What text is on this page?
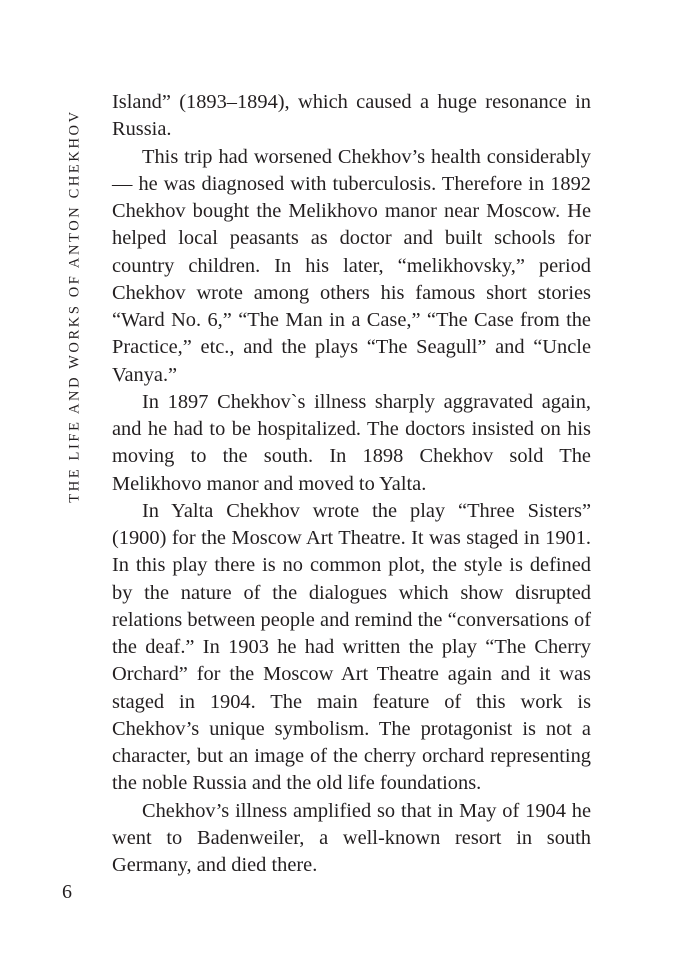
THE LIFE AND WORKS OF ANTON CHEKHOV

Island” (1893–1894), which caused a huge resonance in Russia.

This trip had worsened Chekhov’s health considerably — he was diagnosed with tuberculosis. Therefore in 1892 Chekhov bought the Melikhovo manor near Moscow. He helped local peasants as doctor and built schools for country children. In his later, “melikhovsky,” period Chekhov wrote among others his famous short stories “Ward No. 6,” “The Man in a Case,” “The Case from the Practice,” etc., and the plays “The Seagull” and “Uncle Vanya.”

In 1897 Chekhov`s illness sharply aggravated again, and he had to be hospitalized. The doctors insisted on his moving to the south. In 1898 Chekhov sold The Melikhovo manor and moved to Yalta.

In Yalta Chekhov wrote the play “Three Sisters” (1900) for the Moscow Art Theatre. It was staged in 1901. In this play there is no common plot, the style is defined by the nature of the dialogues which show disrupted relations between people and remind the “conversations of the deaf.” In 1903 he had written the play “The Cherry Orchard” for the Moscow Art Theatre again and it was staged in 1904. The main feature of this work is Chekhov’s unique symbolism. The protagonist is not a character, but an image of the cherry orchard representing the noble Russia and the old life foundations.

Chekhov’s illness amplified so that in May of 1904 he went to Badenweiler, a well-known resort in south Germany, and died there.

6
